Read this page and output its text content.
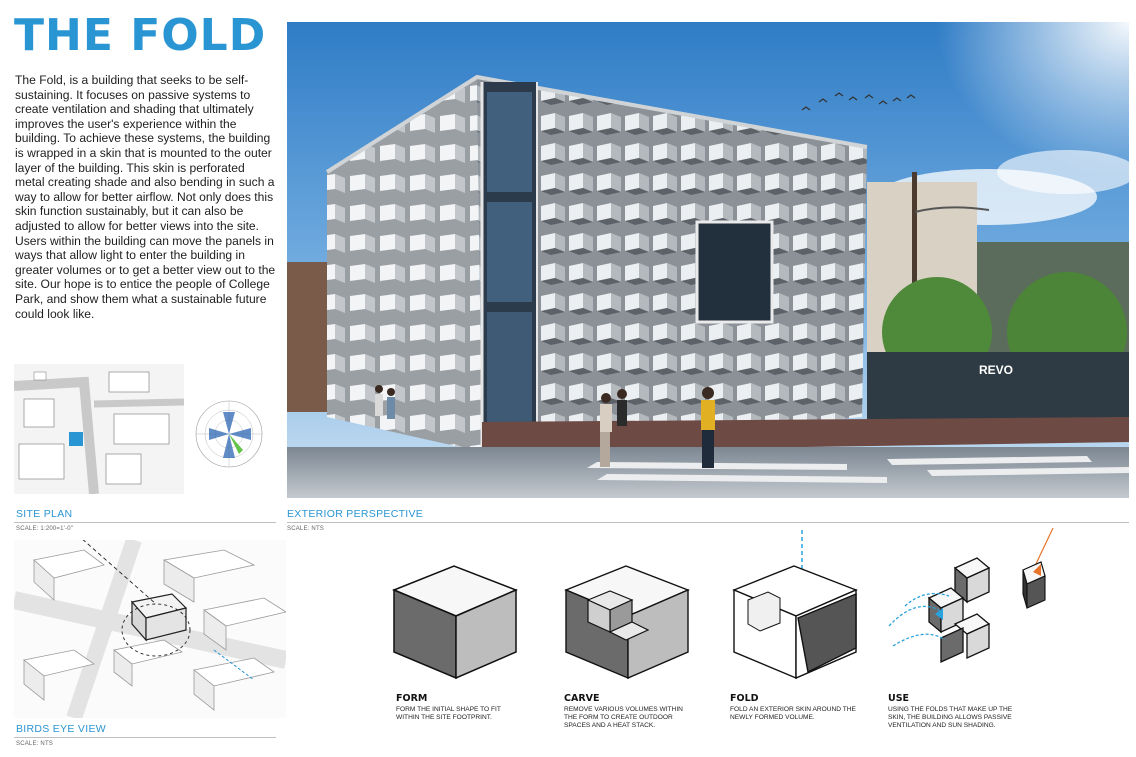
THE FOLD

The Fold, is a building that seeks to be self-sustaining. It focuses on passive systems to create ventilation and shading that ultimately improves the user's experience within the building. To achieve these systems, the building is wrapped in a skin that is mounted to the outer layer of the building. This skin is perforated metal creating shade and also bending in such a way to allow for better airflow. Not only does this skin function sustainably, but it can also be adjusted to allow for better views into the site. Users within the building can move the panels in ways that allow light to enter the building in greater volumes or to get a better view out to the site. Our hope is to entice the people of College Park, and show them what a sustainable future could look like.

REVO
SITE PLAN
SCALE: 1:200=1'-0"
EXTERIOR PERSPECTIVE
SCALE: NTS
BIRDS EYE VIEW
SCALE: NTS
FORM
FORM THE INITIAL SHAPE TO FIT WITHIN THE SITE FOOTPRINT.
CARVE
REMOVE VARIOUS VOLUMES WITHIN THE FORM TO CREATE OUTDOOR SPACES AND A HEAT STACK.
FOLD
FOLD AN EXTERIOR SKIN AROUND THE NEWLY FORMED VOLUME.
USE
USING THE FOLDS THAT MAKE UP THE SKIN, THE BUILDING ALLOWS PASSIVE VENTILATION AND SUN SHADING.
